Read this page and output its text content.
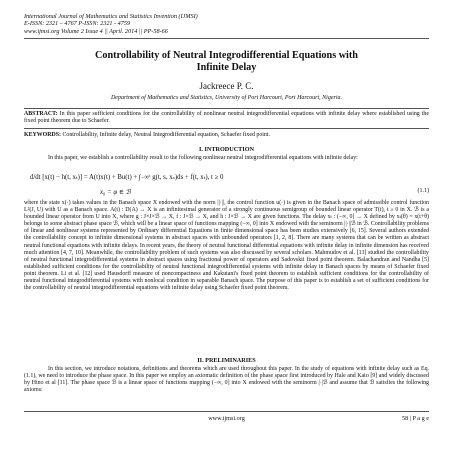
International Journal of Mathematics and Statistics Invention (IJMSI)
E-ISSN: 2321 – 4767 P-ISSN: 2321 - 4759
www.ijmsi.org Volume 2 Issue 4 || April. 2014 || PP-58-66
Controllability of Neutral Integrodifferential Equations with
Infinite Delay
Jackreece P. C.
Department of Mathematics and Statistics, University of Port Harcourt, Port Harcourt, Nigeria.
ABSTRACT: In this paper sufficient conditions for the controllability of nonlinear neutral integrodifferential equations with infinite delay where established using the fixed point theorem due to Schaefer.
KEYWORDS: Controllability, Infinite delay, Neutral Integrodifferential equation, Schaefer fixed point.
I. INTRODUCTION
In this paper, we establish a controllability result to the following nonlinear neutral integrodifferential equations with infinite delay:
d/dt [x(t) − h(t, xₜ)] = A(t)x(t) + Bu(t) + ∫₋∞ᵗ g(t, s, xₛ)ds + f(t, xₜ), t ≥ 0
x₀ = φ ∈ ℬ	(1.1)
where the state x(·) takes values in the Banach space X endowed with the norm ||·||, the control function u(·) is given in the Banach space of admissible control function L²(J, U) with U as a Banach space. A(t) : D(A) → X is an infinitesimal generator of a strongly continuous semigroup of bounded linear operator T(t), t ≥ 0 in X. ℬ is a bounded linear operator from U into X, where g : J×J×ℬ → X, f : J×ℬ → X, and h : J×ℬ → X are given functions. The delay xₜ : (−∞, 0] → X defined by xₜ(θ) = x(t+θ) belongs to some abstract phase space ℬ, which will be a linear space of functions mapping (−∞, 0] into X endowed with the seminorm ||·||ℬ in ℬ. Controllability problems of linear and nonlinear systems represented by Ordinary differential Equations in finite dimensional space has been studies extensively [6, 15]. Several authors extended the controllability concept to infinite dimensional systems in abstract spaces with unbounded operators [1, 2, 8]. There are many systems that can be written as abstract neutral functional equations with infinite delays. In recent years, the theory of neutral functional differential equations with infinite delay in infinite dimension has received much attention [4, 7, 10]. Meanwhile, the controllability problem of such systems was also discussed by several scholars. Mahmudov et al. [13] studied the controllability of neutral functional integrodifferential systems in abstract spaces using fractional power of operators and Sadovskii fixed point theorem. Balachandran and Nandha [5] established sufficient conditions for the controllability of neutral functional integrodifferential systems with infinite delay in Banach spaces by means of Schaefer fixed point theorem. Li et al. [12] used Hausdorff measure of noncompactness and Kakutani's fixed point theorem to establish sufficient conditions for the controllability of neutral functional integrodifferential systems with nonlocal condition in separable Banach space. The purpose of this paper is to establish a set of sufficient conditions for the controllability of neutral integrodifferential equations with infinite delay using Schaefer fixed point theorem.
II. PRELIMINARIES
In this section, we introduce notations, definitions and theorems which are used throughout this paper. In the study of equations with infinite delay such as Eq. (1.1), we need to introduce the phase space. In this paper we employ an axiomatic definition of the phase space first introduced by Hale and Kato [9] and widely discussed by Hino et al [11]. The phase space ℬ is a linear space of functions mapping (−∞, 0] into X endowed with the seminorm |·|ℬ and assume that ℬ satisfies the following axioms:
www.ijmsi.org	58 | P a g e
